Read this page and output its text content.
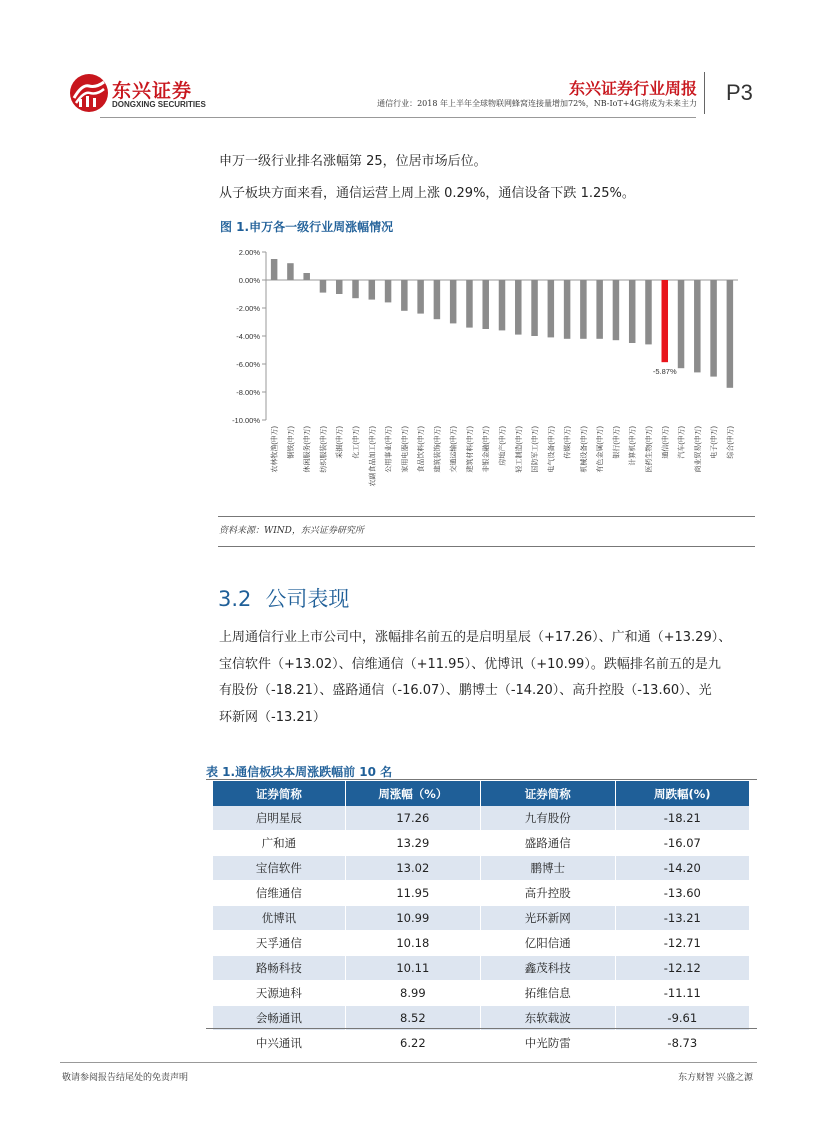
东兴证券
DONGXING SECURITIES
东兴证券行业周报
通信行业：2018 年上半年全球物联网蜂窝连接量增加72%，NB-IoT+4G将成为未来主力 P3
申万一级行业排名涨幅第 25，位居市场后位。
从子板块方面来看，通信运营上周上涨 0.29%，通信设备下跌 1.25%。
图 1.申万各一级行业周涨幅情况
2.00%
0.00%
-2.00%
-4.00%
-6.00%
-8.00%
-10.00%
农林牧渔(申万) 钢铁(申万) 休闲服务(申万) 纺织服装(申万) 采掘(申万) 化工(申万) 农副食品加工(申万) 公用事业(申万) 家用电器(申万) 食品饮料(申万) 建筑装饰(申万) 交通运输(申万) 建筑材料(申万) 非银金融(申万) 房地产(申万) 轻工制造(申万) 国防军工(申万) 电气设备(申万) 传媒(申万) 机械设备(申万) 有色金属(申万) 银行(申万) 计算机(申万) 医药生物(申万) 通信(申万)
-5.87%
汽车(申万) 商业贸易(申万) 电子(申万) 综合(申万)
资料来源：WIND，东兴证券研究所
3.2 公司表现
上周通信行业上市公司中，涨幅排名前五的是启明星辰（+17.26）、广和通（+13.29）、
宝信软件（+13.02）、信维通信（+11.95）、优博讯（+10.99）。跌幅排名前五的是九
有股份（-18.21）、盛路通信（-16.07）、鹏博士（-14.20）、高升控股（-13.60）、光
环新网（-13.21）
表 1.通信板块本周涨跌幅前 10 名
证券简称	周涨幅（%）	证券简称	周跌幅(%)
启明星辰	17.26	九有股份	-18.21
广和通	13.29	盛路通信	-16.07
宝信软件	13.02	鹏博士	-14.20
信维通信	11.95	高升控股	-13.60
优博讯	10.99	光环新网	-13.21
天孚通信	10.18	亿阳信通	-12.71
路畅科技	10.11	鑫茂科技	-12.12
天源迪科	8.99	拓维信息	-11.11
会畅通讯	8.52	东软载波	-9.61
中兴通讯	6.22	中光防雷	-8.73
敬请参阅报告结尾处的免责声明	东方财智 兴盛之源
